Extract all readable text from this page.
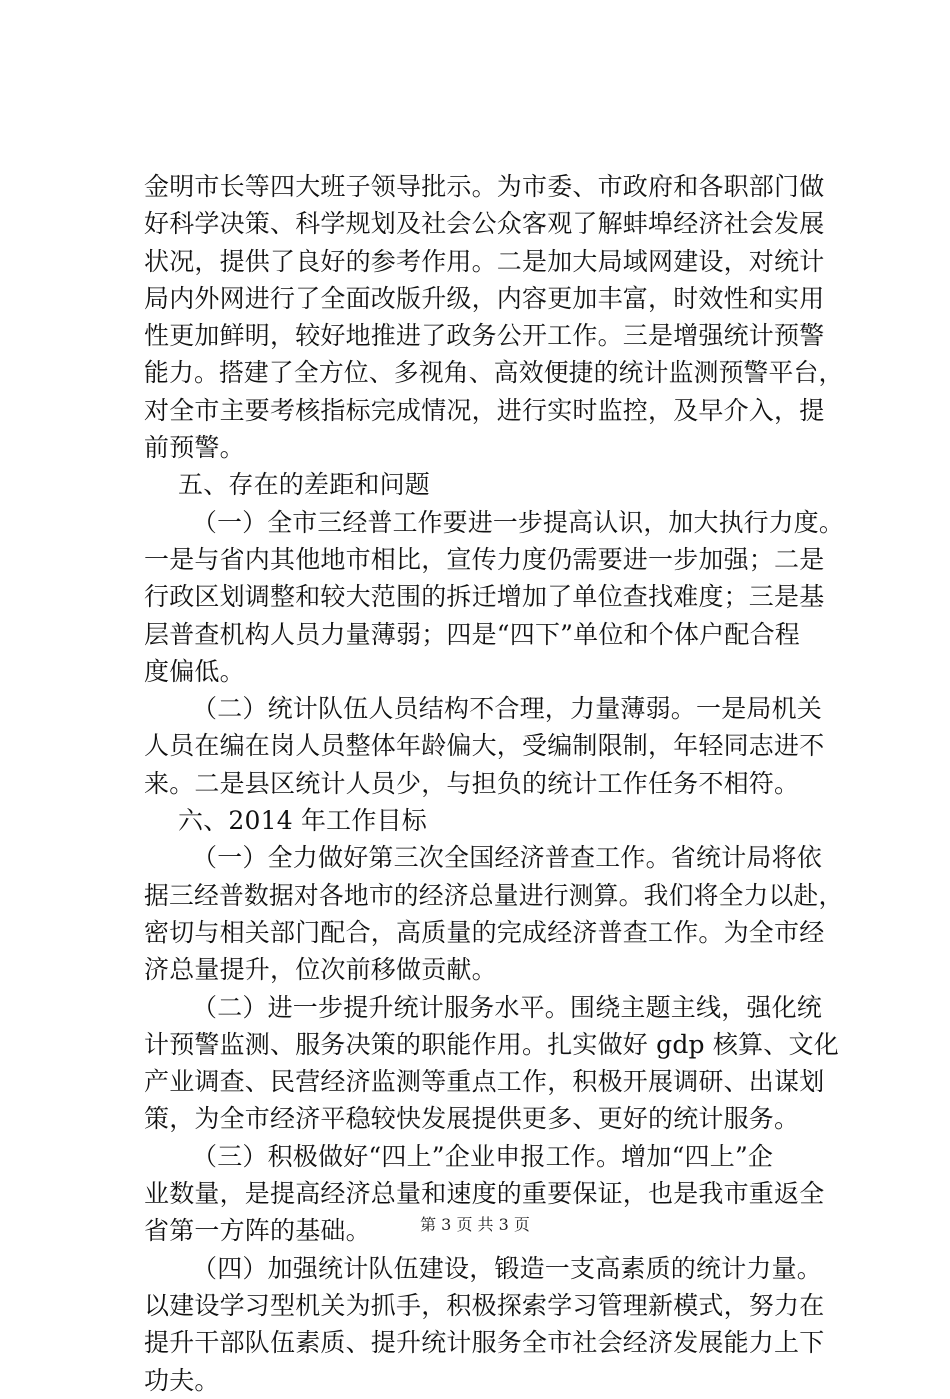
金明市长等四大班子领导批示。为市委、市政府和各职部门做
好科学决策、科学规划及社会公众客观了解蚌埠经济社会发展
状况，提供了良好的参考作用。二是加大局域网建设，对统计
局内外网进行了全面改版升级，内容更加丰富，时效性和实用
性更加鲜明，较好地推进了政务公开工作。三是增强统计预警
能力。搭建了全方位、多视角、高效便捷的统计监测预警平台，
对全市主要考核指标完成情况，进行实时监控，及早介入，提
前预警。
五、存在的差距和问题
（一）全市三经普工作要进一步提高认识，加大执行力度。
一是与省内其他地市相比，宣传力度仍需要进一步加强；二是
行政区划调整和较大范围的拆迁增加了单位查找难度；三是基
层普查机构人员力量薄弱；四是“四下”单位和个体户配合程
度偏低。
（二）统计队伍人员结构不合理，力量薄弱。一是局机关
人员在编在岗人员整体年龄偏大，受编制限制，年轻同志进不
来。二是县区统计人员少，与担负的统计工作任务不相符。
六、2014 年工作目标
（一）全力做好第三次全国经济普查工作。省统计局将依
据三经普数据对各地市的经济总量进行测算。我们将全力以赴，
密切与相关部门配合，高质量的完成经济普查工作。为全市经
济总量提升，位次前移做贡献。
（二）进一步提升统计服务水平。围绕主题主线，强化统
计预警监测、服务决策的职能作用。扎实做好 gdp 核算、文化
产业调查、民营经济监测等重点工作，积极开展调研、出谋划
策，为全市经济平稳较快发展提供更多、更好的统计服务。
（三）积极做好“四上”企业申报工作。增加“四上”企
业数量，是提高经济总量和速度的重要保证，也是我市重返全
省第一方阵的基础。
（四）加强统计队伍建设，锻造一支高素质的统计力量。
以建设学习型机关为抓手，积极探索学习管理新模式，努力在
提升干部队伍素质、提升统计服务全市社会经济发展能力上下
功夫。
第 3 页 共 3 页
